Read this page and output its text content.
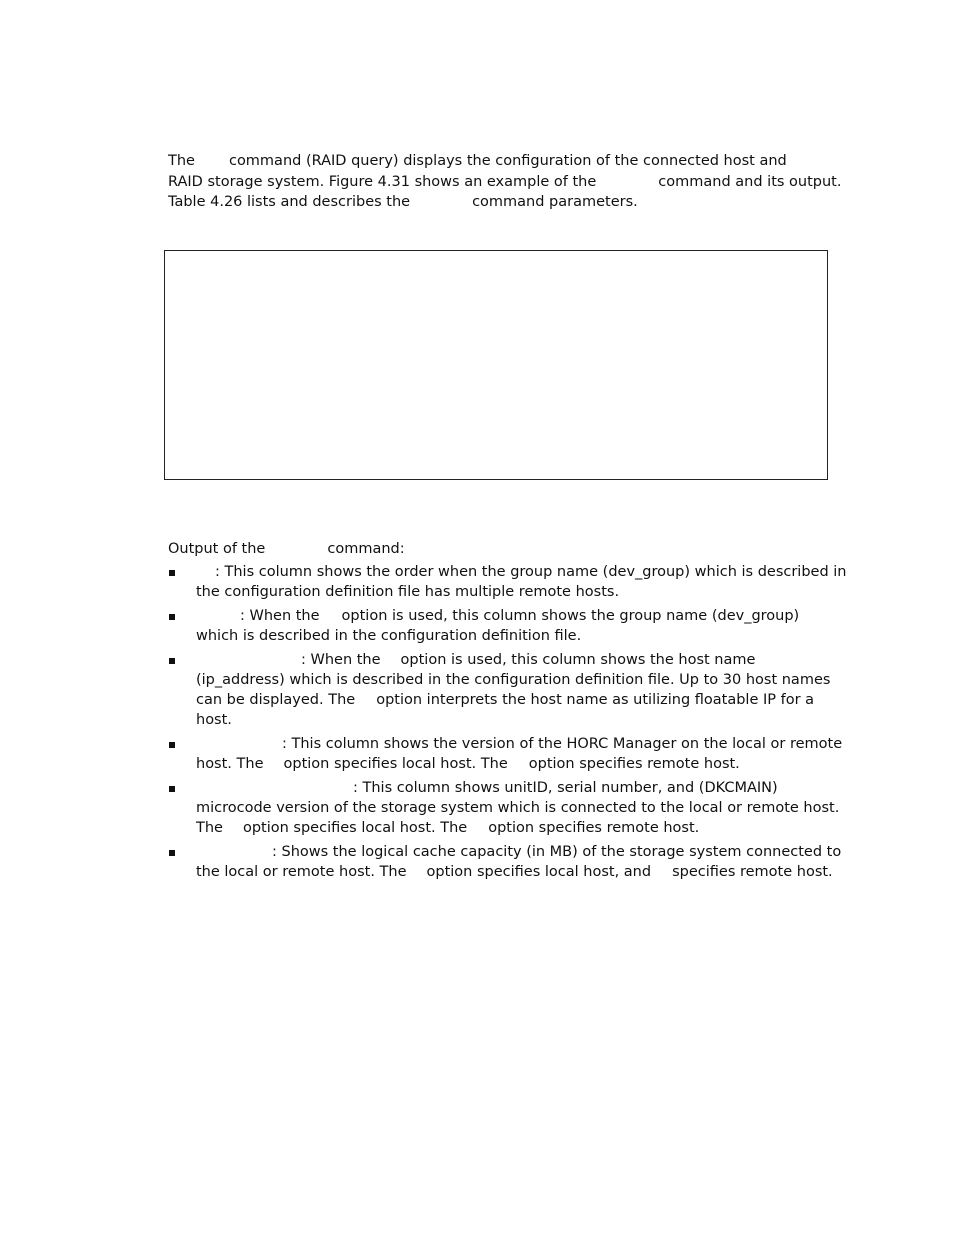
The command (RAID query) displays the configuration of the connected host and
RAID storage system. Figure 4.31 shows an example of the	command and its output.
Table 4.26 lists and describes the	command parameters.

Output of the	command:

: This column shows the order when the group name (dev_group) which is described in
the configuration definition file has multiple remote hosts.
: When the option is used, this column shows the group name (dev_group)
which is described in the configuration definition file.
: When the option is used, this column shows the host name
(ip_address) which is described in the configuration definition file. Up to 30 host names
can be displayed. The option interprets the host name as utilizing floatable IP for a
host.
: This column shows the version of the HORC Manager on the local or remote
host. The option specifies local host. The option specifies remote host.
: This column shows unitID, serial number, and (DKCMAIN)
microcode version of the storage system which is connected to the local or remote host.
The option specifies local host. The option specifies remote host.
: Shows the logical cache capacity (in MB) of the storage system connected to
the local or remote host. The option specifies local host, and specifies remote host.
